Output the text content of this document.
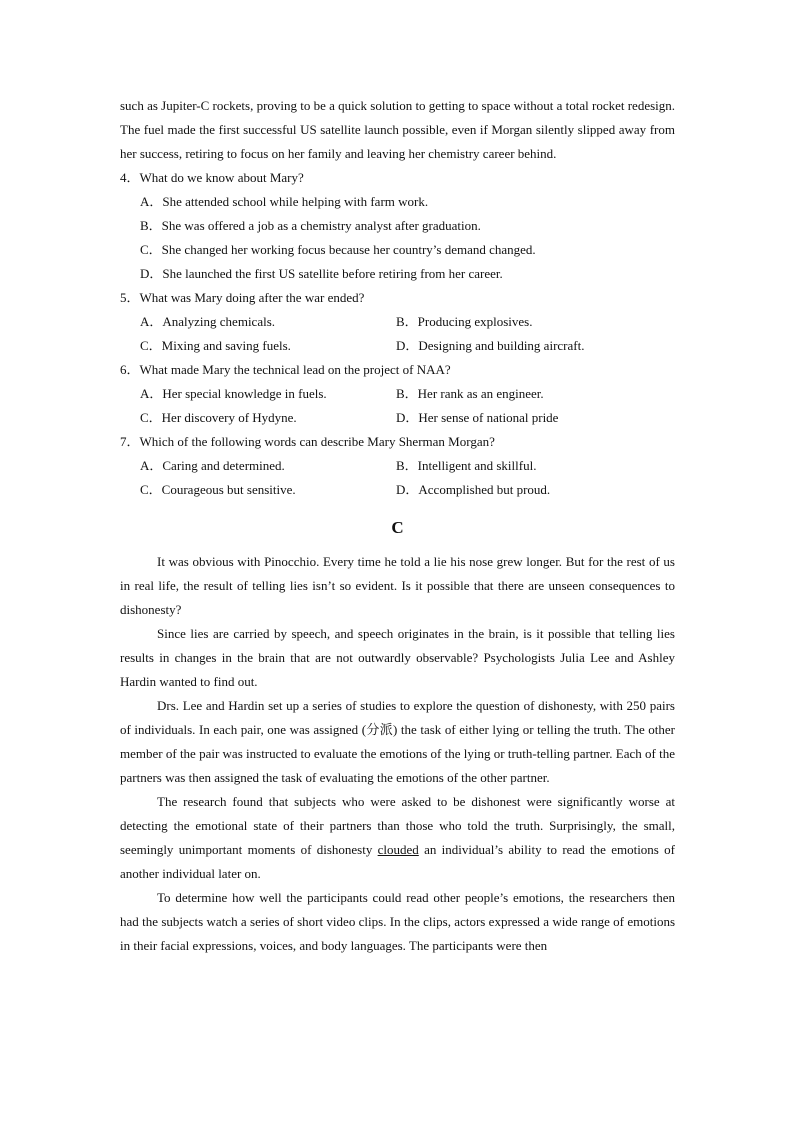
such as Jupiter-C rockets, proving to be a quick solution to getting to space without a total rocket redesign. The fuel made the first successful US satellite launch possible, even if Morgan silently slipped away from her success, retiring to focus on her family and leaving her chemistry career behind.

4．What do we know about Mary?

A．She attended school while helping with farm work.

B．She was offered a job as a chemistry analyst after graduation.

C．She changed her working focus because her country’s demand changed.

D．She launched the first US satellite before retiring from her career.

5．What was Mary doing after the war ended?

A．Analyzing chemicals.	B．Producing explosives.
C．Mixing and saving fuels.	D．Designing and building aircraft.

6．What made Mary the technical lead on the project of NAA?

A．Her special knowledge in fuels.	B．Her rank as an engineer.
C．Her discovery of Hydyne.	D．Her sense of national pride

7．Which of the following words can describe Mary Sherman Morgan?

A．Caring and determined.	B．Intelligent and skillful.
C．Courageous but sensitive.	D．Accomplished but proud.
C

It was obvious with Pinocchio. Every time he told a lie his nose grew longer. But for the rest of us in real life, the result of telling lies isn’t so evident. Is it possible that there are unseen consequences to dishonesty?

Since lies are carried by speech, and speech originates in the brain, is it possible that telling lies results in changes in the brain that are not outwardly observable? Psychologists Julia Lee and Ashley Hardin wanted to find out.

Drs. Lee and Hardin set up a series of studies to explore the question of dishonesty, with 250 pairs of individuals. In each pair, one was assigned (分派) the task of either lying or telling the truth. The other member of the pair was instructed to evaluate the emotions of the lying or truth-telling partner. Each of the partners was then assigned the task of evaluating the emotions of the other partner.

The research found that subjects who were asked to be dishonest were significantly worse at detecting the emotional state of their partners than those who told the truth. Surprisingly, the small, seemingly unimportant moments of dishonesty clouded an individual’s ability to read the emotions of another individual later on.

To determine how well the participants could read other people’s emotions, the researchers then had the subjects watch a series of short video clips. In the clips, actors expressed a wide range of emotions in their facial expressions, voices, and body languages. The participants were then
